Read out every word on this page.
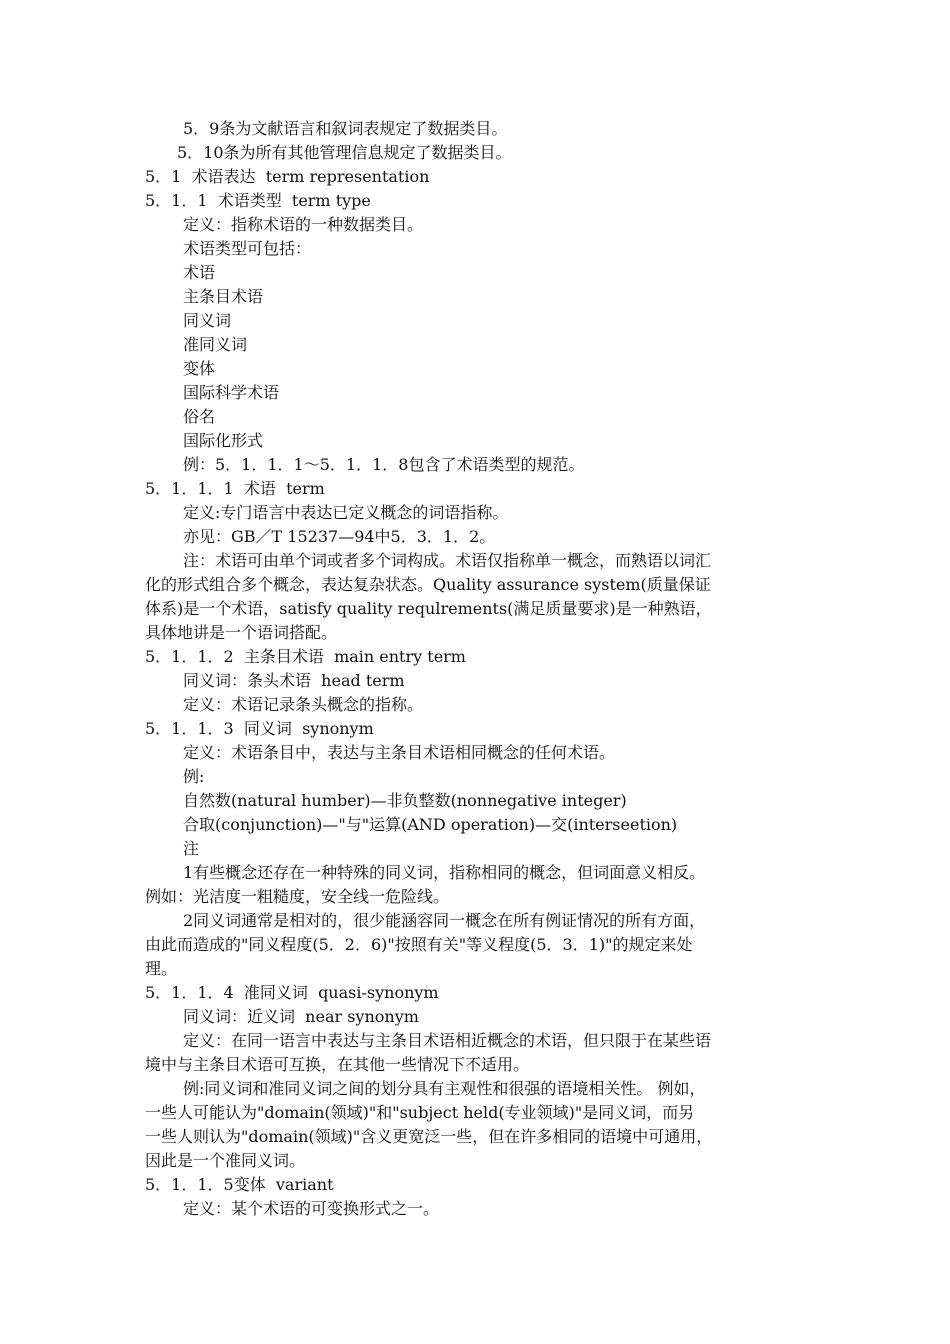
5．9条为文献语言和叙词表规定了数据类目。
5．10条为所有其他管理信息规定了数据类目。
5．1  术语表达  term representation
5．1．1  术语类型  term type
定义：指称术语的一种数据类目。
术语类型可包括：
术语
主条目术语
同义词
准同义词
变体
国际科学术语
俗名
国际化形式
例：5．1．1．1～5．1．1．8包含了术语类型的规范。
5．1．1．1  术语  term
定义:专门语言中表达已定义概念的词语指称。
亦见：GB／T 15237—94中5．3．1．2。
注：术语可由单个词或者多个词构成。术语仅指称单一概念，而熟语以词汇
化的形式组合多个概念，表达复杂状态。Quality assurance system(质量保证
体系)是一个术语，satisfy quality requlrements(满足质量要求)是一种熟语，
具体地讲是一个语词搭配。
5．1．1．2  主条目术语  main entry term
同义词：条头术语  head term
定义：术语记录条头概念的指称。
5．1．1．3  同义词  synonym
定义：术语条目中，表达与主条目术语相同概念的任何术语。
例:
自然数(natural humber)—非负整数(nonnegative integer)
合取(conjunction)—"与"运算(AND operation)—交(interseetion)
注
1有些概念还存在一种特殊的同义词，指称相同的概念，但词面意义相反。
例如：光洁度一粗糙度，安全线一危险线。
2同义词通常是相对的，很少能涵容同一概念在所有例证情况的所有方面，
由此而造成的"同义程度(5．2．6)"按照有关"等义程度(5．3．1)"的规定来处
理。
5．1．1．4  准同义词  quasi-synonym
同义词：近义词  near synonym
定义：在同一语言中表达与主条目术语相近概念的术语，但只限于在某些语
境中与主条目术语可互换，在其他一些情况下不适用。
例:同义词和准同义词之间的划分具有主观性和很强的语境相关性。 例如，
一些人可能认为"domain(领域)"和"subject held(专业领域)"是同义词，而另
一些人则认为"domain(领域)"含义更宽泛一些，但在许多相同的语境中可通用，
因此是一个准同义词。
5．1．1．5变体  variant
定义：某个术语的可变换形式之一。
